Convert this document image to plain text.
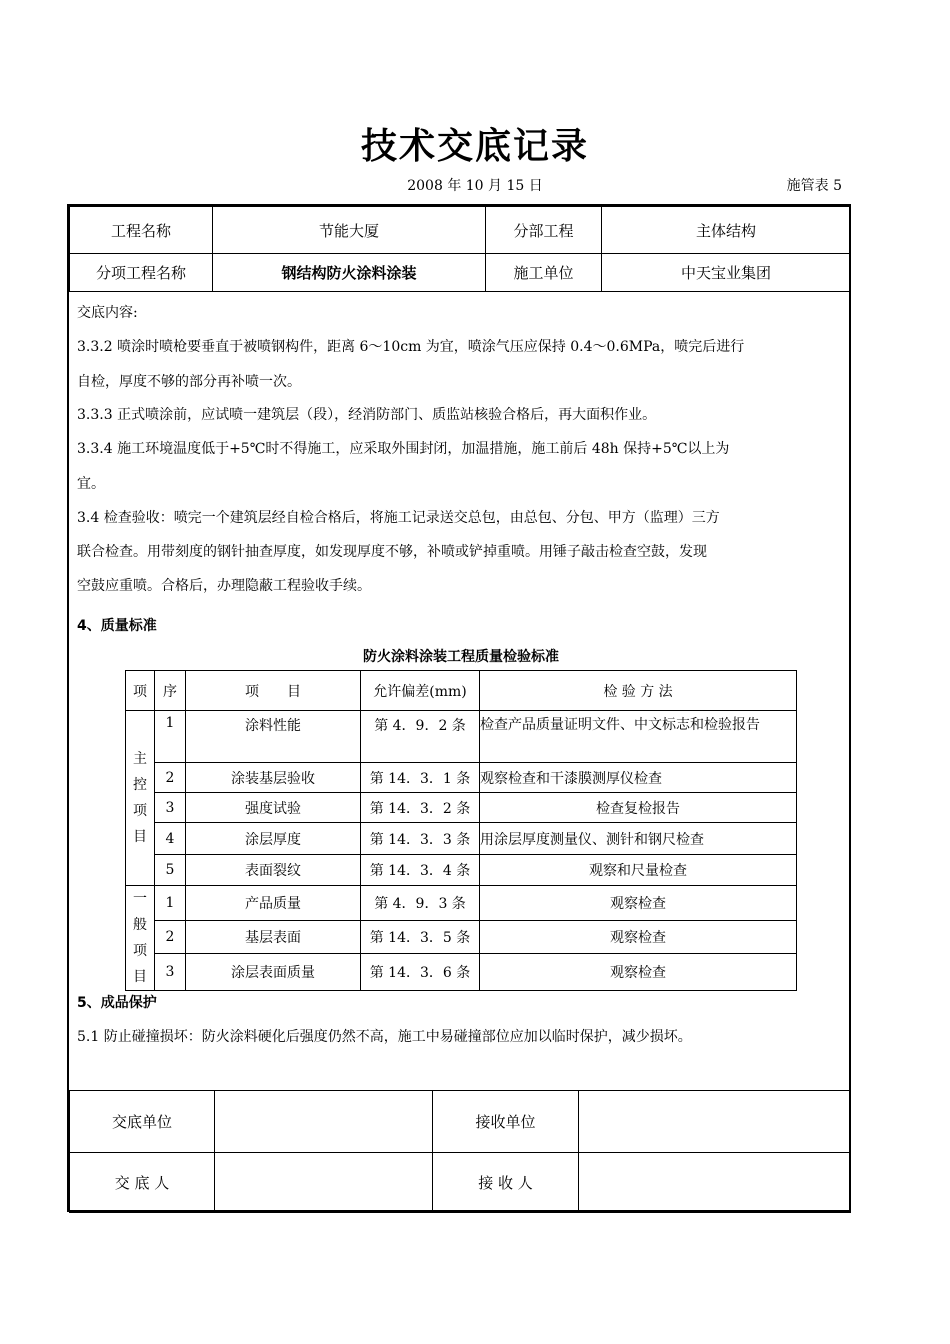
技术交底记录
2008 年 10 月 15 日	施管表 5
工程名称	节能大厦	分部工程	主体结构
分项工程名称	钢结构防火涂料涂装	施工单位	中天宝业集团
交底内容:
3.3.2 喷涂时喷枪要垂直于被喷钢构件，距离 6～10cm 为宜，喷涂气压应保持 0.4～0.6MPa，喷完后进行
自检，厚度不够的部分再补喷一次。
3.3.3 正式喷涂前，应试喷一建筑层（段），经消防部门、质监站核验合格后，再大面积作业。
3.3.4 施工环境温度低于+5℃时不得施工，应采取外围封闭，加温措施，施工前后 48h 保持+5℃以上为
宜。
3.4 检查验收：喷完一个建筑层经自检合格后，将施工记录送交总包，由总包、分包、甲方（监理）三方
联合检查。用带刻度的钢针抽查厚度，如发现厚度不够，补喷或铲掉重喷。用锤子敲击检查空鼓，发现
空鼓应重喷。合格后，办理隐蔽工程验收手续。
4、质量标准
5、成品保护
5.1 防止碰撞损坏：防火涂料硬化后强度仍然不高，施工中易碰撞部位应加以临时保护，减少损坏。
防火涂料涂装工程质量检验标准
项	序	项　　目	允许偏差(mm)	检 验 方 法

主控项目	1	涂料性能	第 4．9．2 条	检查产品质量证明文件、中文标志和检验报告
	2	涂装基层验收	第 14．3．1 条	观察检查和干漆膜测厚仪检查
	3	强度试验	第 14．3．2 条	检查复检报告
	4	涂层厚度	第 14．3．3 条	用涂层厚度测量仪、测针和钢尺检查
	5	表面裂纹	第 14．3．4 条	观察和尺量检查

一般项目	1	产品质量	第 4．9．3 条	观察检查
	2	基层表面	第 14．3．5 条	观察检查
	3	涂层表面质量	第 14．3．6 条	观察检查
交底单位		接收单位	
交 底 人		接 收 人	
